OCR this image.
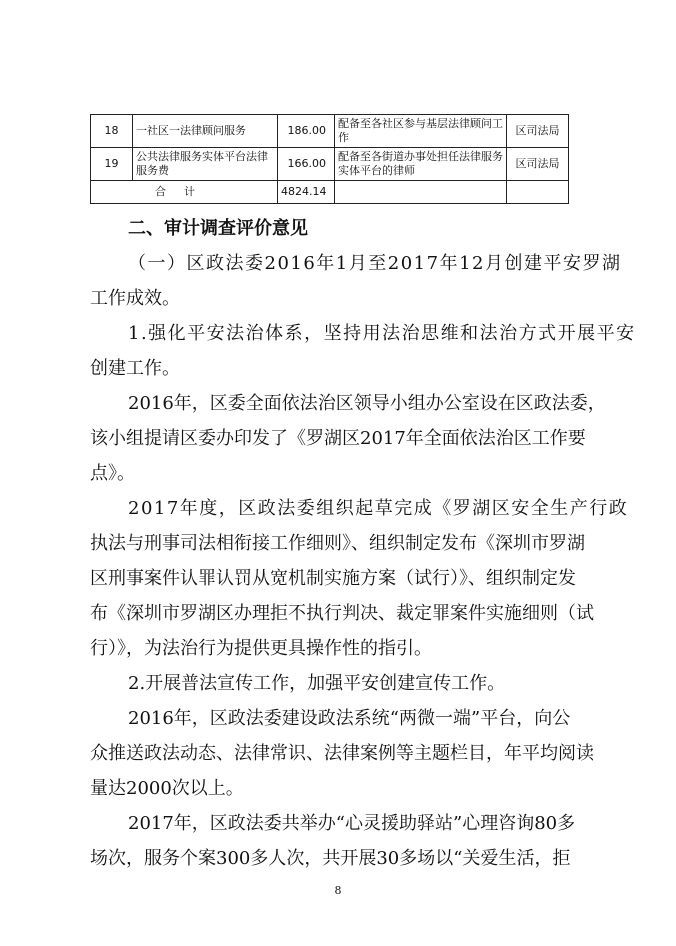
18	一社区一法律顾问服务	186.00	配备至各社区参与基层法律顾问工作	区司法局
19	公共法律服务实体平台法律服务费	166.00	配备至各街道办事处担任法律服务实体平台的律师	区司法局
合计		4824.14		
二、审计调查评价意见
（一）区政法委2016年1月至2017年12月创建平安罗湖
工作成效。
1.强化平安法治体系，坚持用法治思维和法治方式开展平安
创建工作。
2016年，区委全面依法治区领导小组办公室设在区政法委，
该小组提请区委办印发了《罗湖区2017年全面依法治区工作要
点》。
2017年度，区政法委组织起草完成《罗湖区安全生产行政
执法与刑事司法相衔接工作细则》、组织制定发布《深圳市罗湖
区刑事案件认罪认罚从宽机制实施方案（试行）》、组织制定发
布《深圳市罗湖区办理拒不执行判决、裁定罪案件实施细则（试
行）》，为法治行为提供更具操作性的指引。
2.开展普法宣传工作，加强平安创建宣传工作。
2016年，区政法委建设政法系统“两微一端”平台，向公
众推送政法动态、法律常识、法律案例等主题栏目，年平均阅读
量达2000次以上。
2017年，区政法委共举办“心灵援助驿站”心理咨询80多
场次，服务个案300多人次，共开展30多场以“关爱生活，拒
8
